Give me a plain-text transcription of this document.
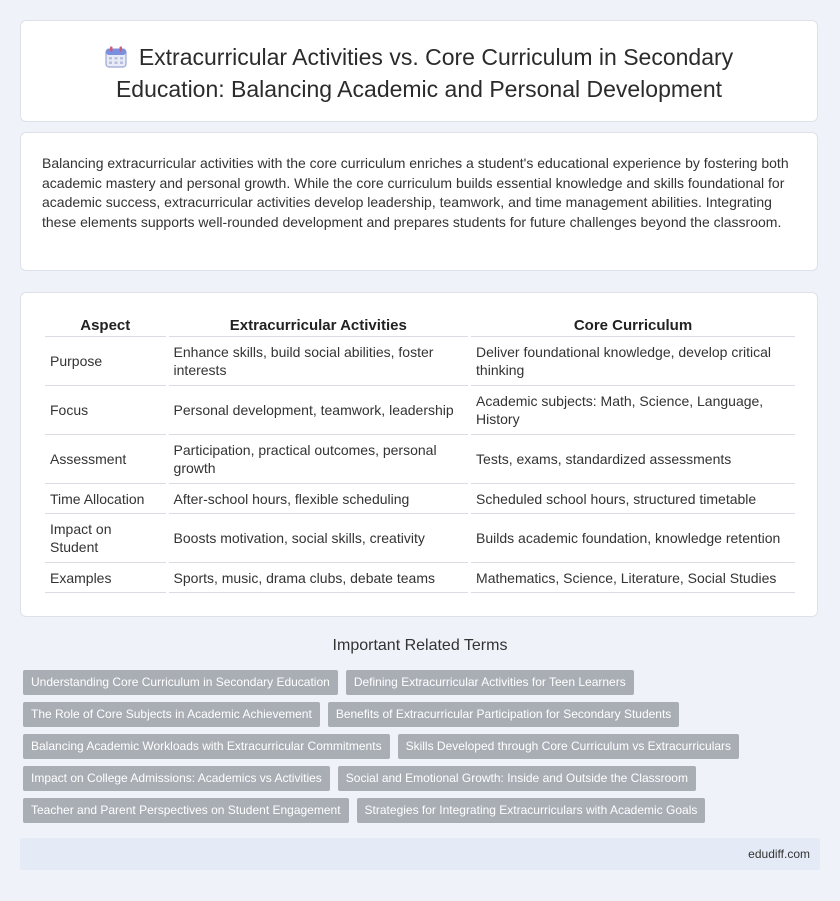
Extracurricular Activities vs. Core Curriculum in Secondary Education: Balancing Academic and Personal Development
Balancing extracurricular activities with the core curriculum enriches a student's educational experience by fostering both academic mastery and personal growth. While the core curriculum builds essential knowledge and skills foundational for academic success, extracurricular activities develop leadership, teamwork, and time management abilities. Integrating these elements supports well-rounded development and prepares students for future challenges beyond the classroom.
Aspect	Extracurricular Activities	Core Curriculum
Purpose	Enhance skills, build social abilities, foster interests	Deliver foundational knowledge, develop critical thinking
Focus	Personal development, teamwork, leadership	Academic subjects: Math, Science, Language, History
Assessment	Participation, practical outcomes, personal growth	Tests, exams, standardized assessments
Time Allocation	After-school hours, flexible scheduling	Scheduled school hours, structured timetable
Impact on Student	Boosts motivation, social skills, creativity	Builds academic foundation, knowledge retention
Examples	Sports, music, drama clubs, debate teams	Mathematics, Science, Literature, Social Studies
Important Related Terms
Understanding Core Curriculum in Secondary Education	Defining Extracurricular Activities for Teen Learners
The Role of Core Subjects in Academic Achievement	Benefits of Extracurricular Participation for Secondary Students
Balancing Academic Workloads with Extracurricular Commitments	Skills Developed through Core Curriculum vs Extracurriculars
Impact on College Admissions: Academics vs Activities	Social and Emotional Growth: Inside and Outside the Classroom
Teacher and Parent Perspectives on Student Engagement	Strategies for Integrating Extracurriculars with Academic Goals
edudiff.com
